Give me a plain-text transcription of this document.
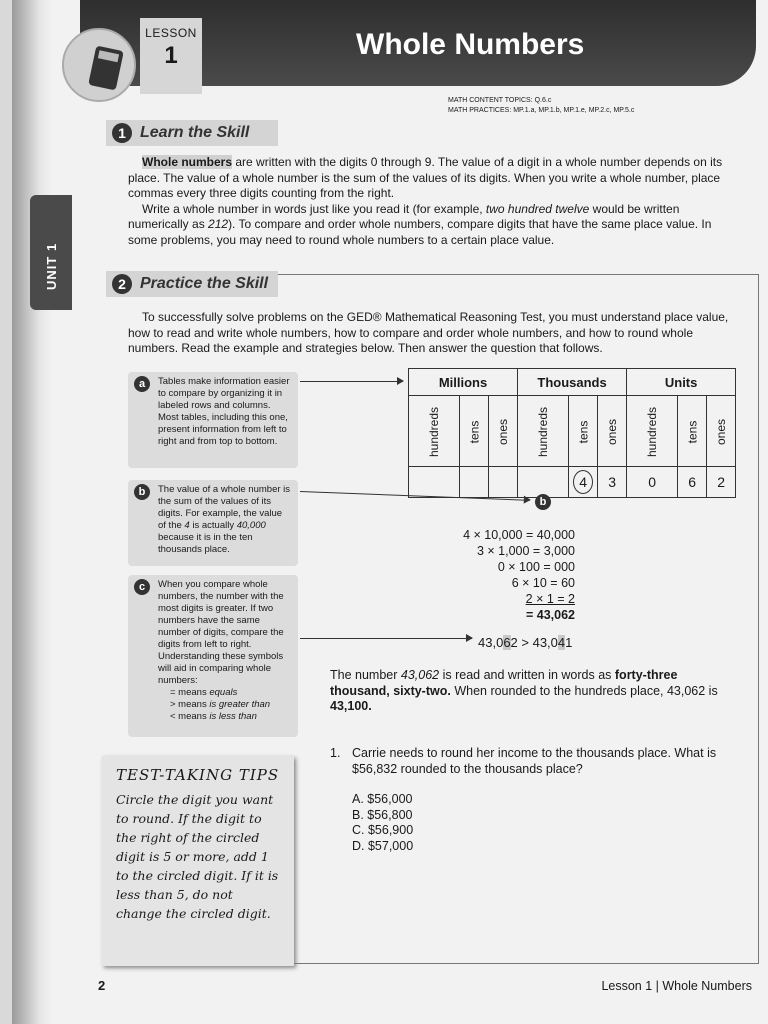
LESSON
1	Whole Numbers
MATH CONTENT TOPICS: Q.6.c
MATH PRACTICES: MP.1.a, MP.1.b, MP.1.e, MP.2.c, MP.5.c
UNIT 1
1 Learn the Skill

Whole numbers are written with the digits 0 through 9. The value of a digit in a whole number depends on its place. The value of a whole number is the sum of the values of its digits. When you write a whole number, place commas every three digits counting from the right.

Write a whole number in words just like you read it (for example, two hundred twelve would be written numerically as 212). To compare and order whole numbers, compare digits that have the same place value. In some problems, you may need to round whole numbers to a certain place value.

2 Practice the Skill

To successfully solve problems on the GED® Mathematical Reasoning Test, you must understand place value, how to read and write whole numbers, how to compare and order whole numbers, and how to round whole numbers. Read the example and strategies below. Then answer the question that follows.

a	Tables make information easier to compare by organizing it in labeled rows and columns. Most tables, including this one, present information from left to right and from top to bottom.

b	The value of a whole number is the sum of the values of its digits. For example, the value of the 4 is actually 40,000 because it is in the ten thousands place.

c	When you compare whole numbers, the number with the most digits is greater. If two numbers have the same number of digits, compare the digits from left to right. Understanding these symbols will aid in comparing whole numbers:

= means equals

> means is greater than

< means is less than

Millions			Thousands			Units		
hundreds	tens	ones	hundreds	tens	ones	hundreds	tens	ones
				4	3	0	6	2
b
4 × 10,000 = 40,000
3 × 1,000 = 3,000
0 × 100 = 000
6 × 10 = 60
2 × 1 = 2
= 43,062
43,062 > 43,041

The number 43,062 is read and written in words as forty-three thousand, sixty-two. When rounded to the hundreds place, 43,062 is 43,100.

TEST-TAKING TIPS
Circle the digit you want to round. If the digit to the right of the circled digit is 5 or more, add 1 to the circled digit. If it is less than 5, do not change the circled digit.
1. Carrie needs to round her income to the thousands place. What is $56,832 rounded to the thousands place?
A. $56,000
B. $56,800
C. $56,900
D. $57,000
2	Lesson 1 | Whole Numbers
